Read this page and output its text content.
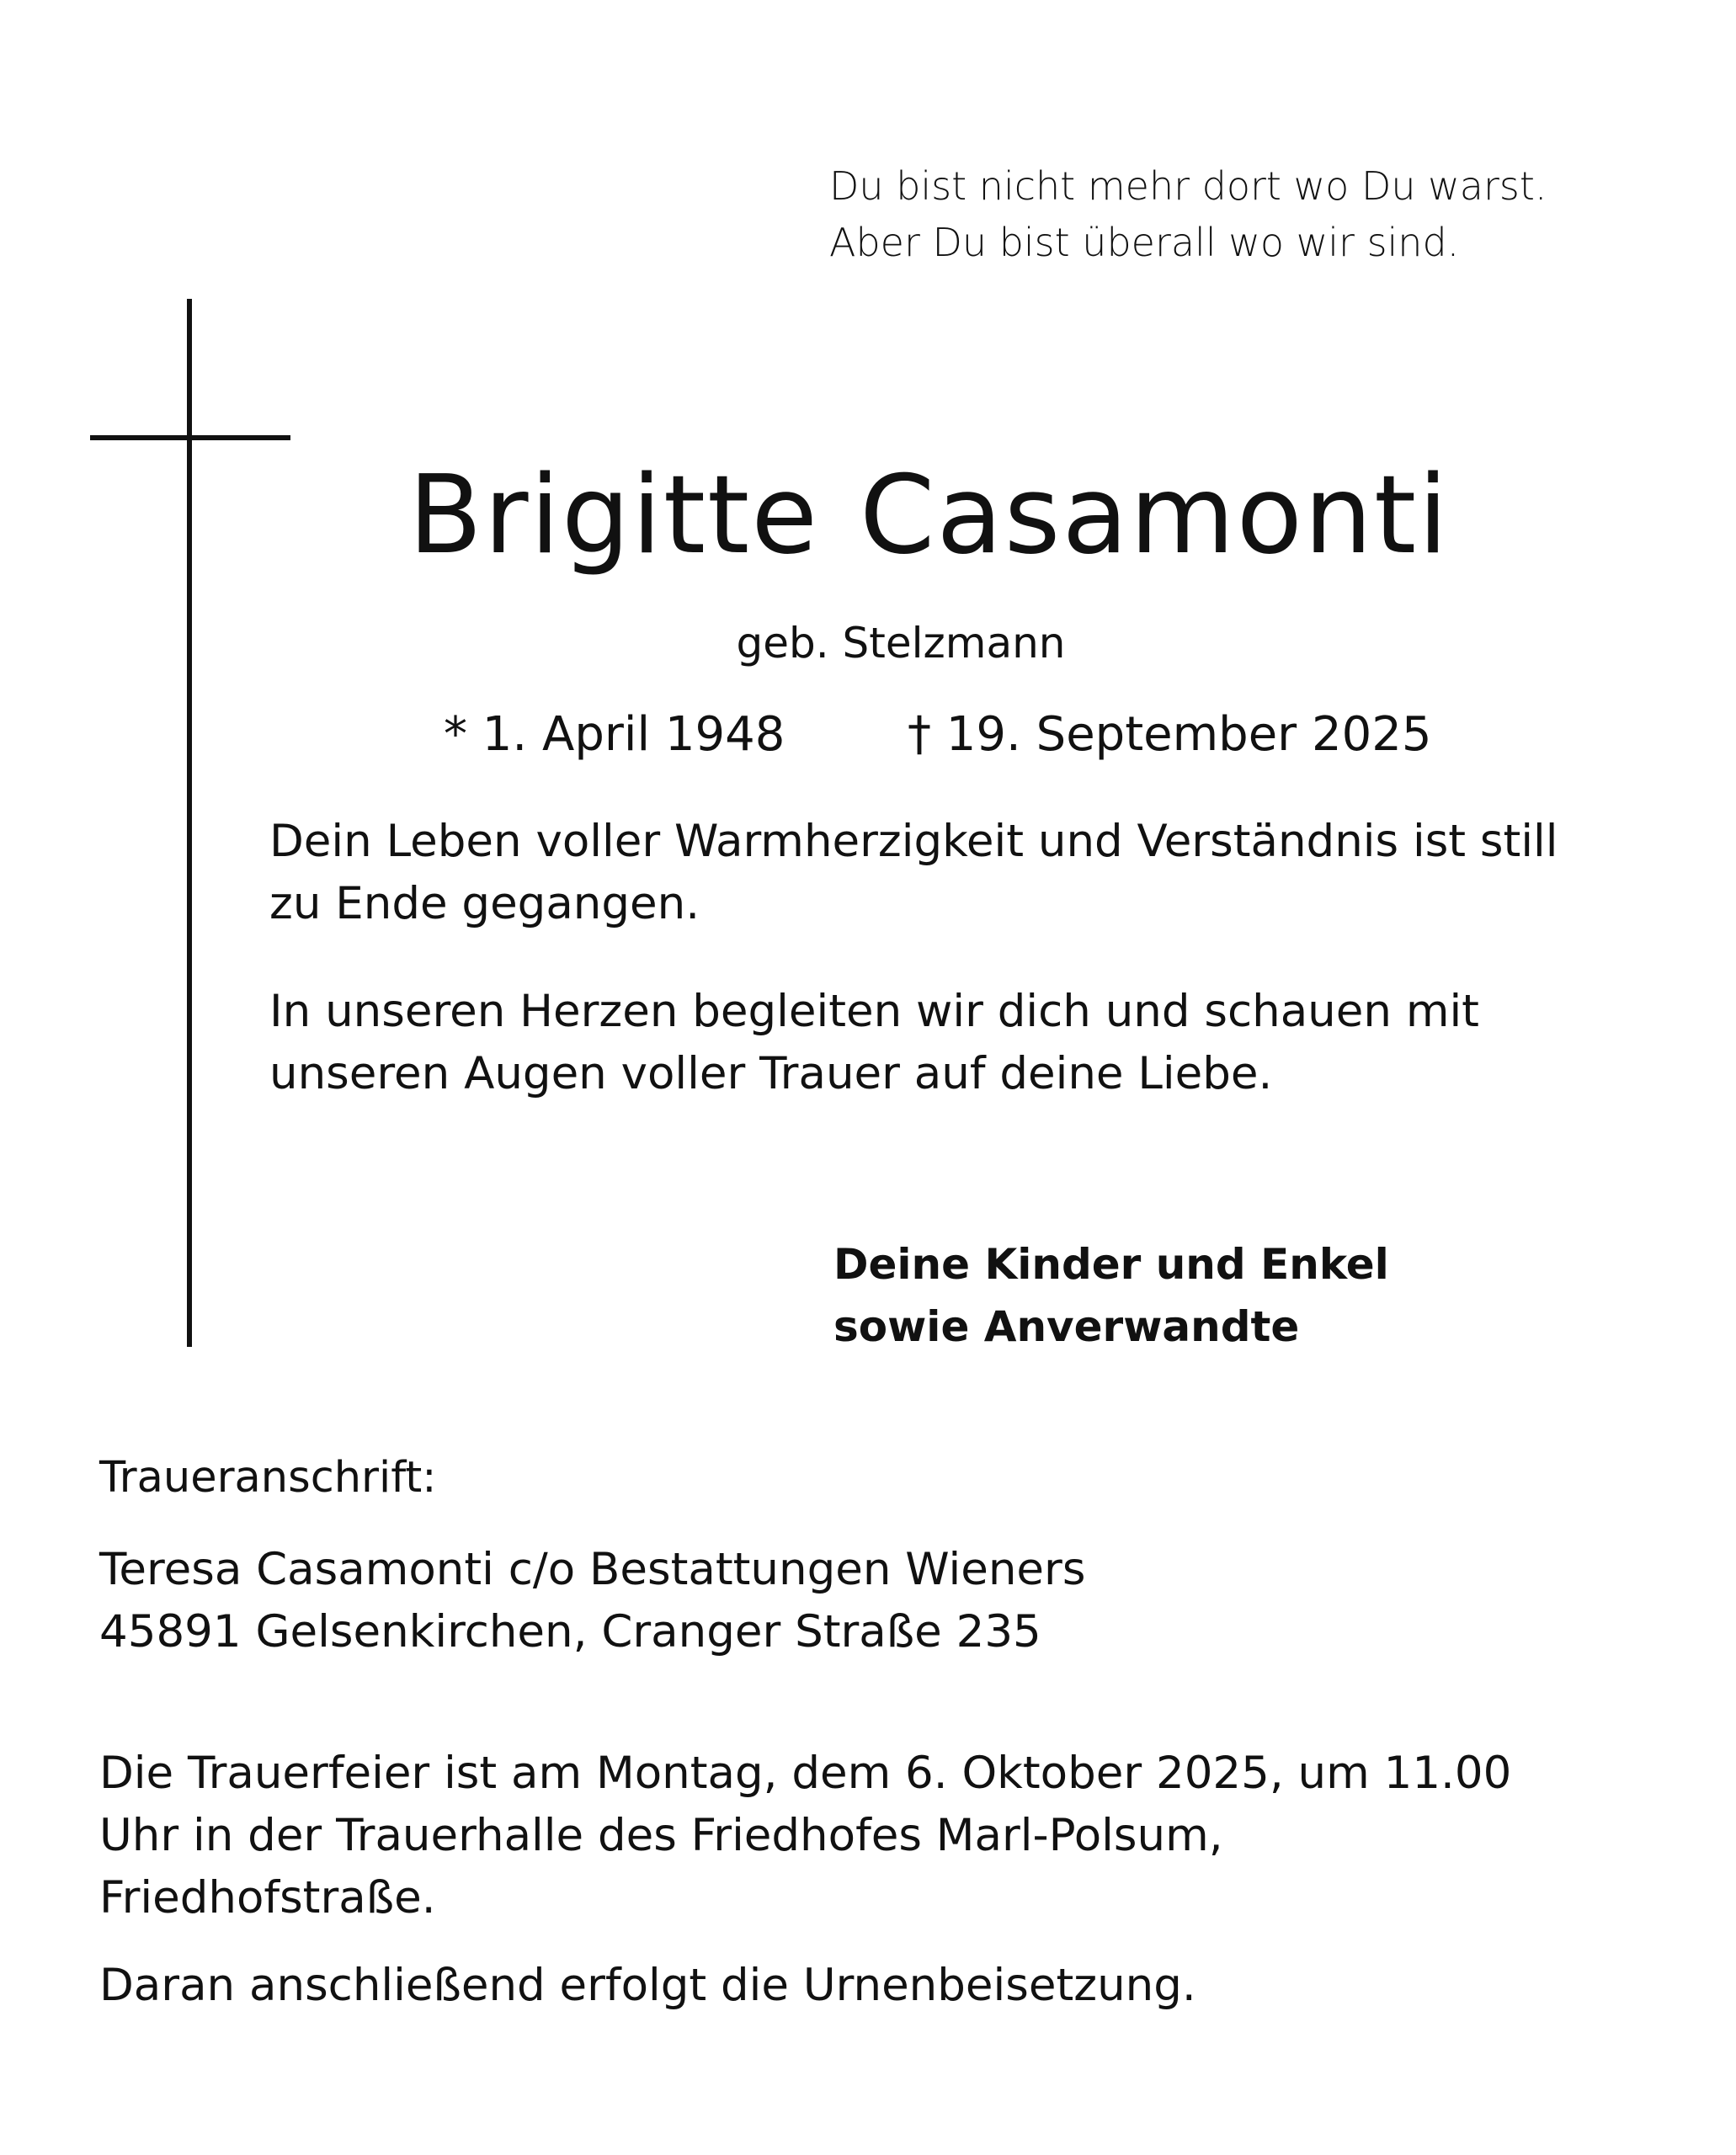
Du bist nicht mehr dort wo Du warst.
Aber Du bist überall wo wir sind.
Brigitte Casamonti
geb. Stelzmann
* 1. April 1948	† 19. September 2025
Dein Leben voller Warmherzigkeit und Verständnis ist still
zu Ende gegangen.
In unseren Herzen begleiten wir dich und schauen mit
unseren Augen voller Trauer auf deine Liebe.
Deine Kinder und Enkel
sowie Anverwandte
Traueranschrift:
Teresa Casamonti c/o Bestattungen Wieners
45891 Gelsenkirchen, Cranger Straße 235
Die Trauerfeier ist am Montag, dem 6. Oktober 2025, um 11.00
Uhr in der Trauerhalle des Friedhofes Marl-Polsum,
Friedhofstraße.
Daran anschließend erfolgt die Urnenbeisetzung.
